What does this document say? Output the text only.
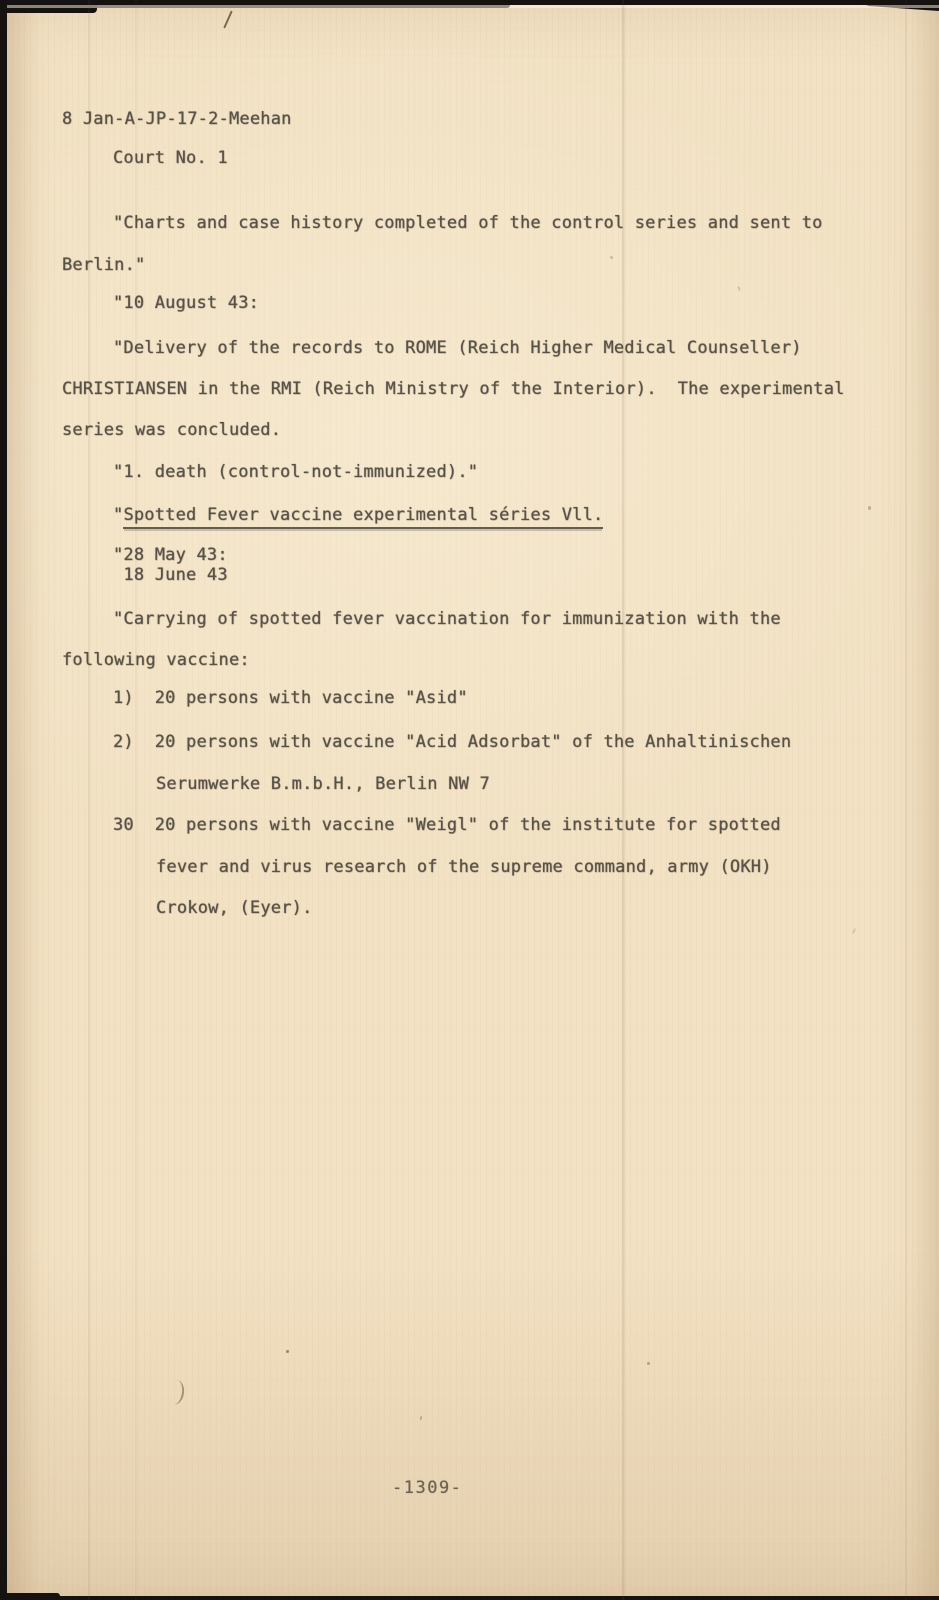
8 Jan-A-JP-17-2-Meehan
Court No. 1
"Charts and case history completed of the control series and sent to
Berlin."
"10 August 43:
"Delivery of the records to ROME (Reich Higher Medical Counseller)
CHRISTIANSEN in the RMI (Reich Ministry of the Interior).  The experimental
series was concluded.
"1. death (control-not-immunized)."
"Spotted Fever vaccine experimental séries Vll.
"28 May 43:
18 June 43
"Carrying of spotted fever vaccination for immunization with the
following vaccine:
1)  20 persons with vaccine "Asid"
2)  20 persons with vaccine "Acid Adsorbat" of the Anhaltinischen
Serumwerke B.m.b.H., Berlin NW 7
30  20 persons with vaccine "Weigl" of the institute for spotted
fever and virus research of the supreme command, army (OKH)
Crokow, (Eyer).
-1309-
